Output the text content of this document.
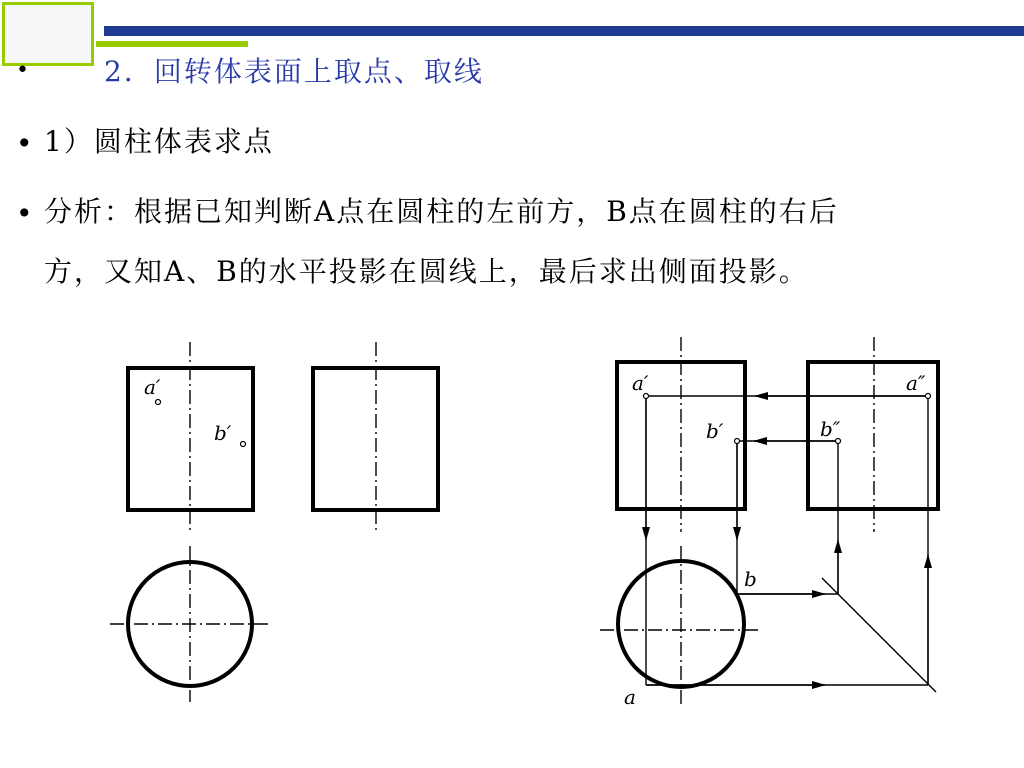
•	2．回转体表面上取点、取线
• 1）圆柱体表求点
• 分析：根据已知判断A点在圆柱的左前方，B点在圆柱的右后
方，又知A、B的水平投影在圆线上，最后求出侧面投影。
a′
b′
a′
b′
a″
b″
b
a
